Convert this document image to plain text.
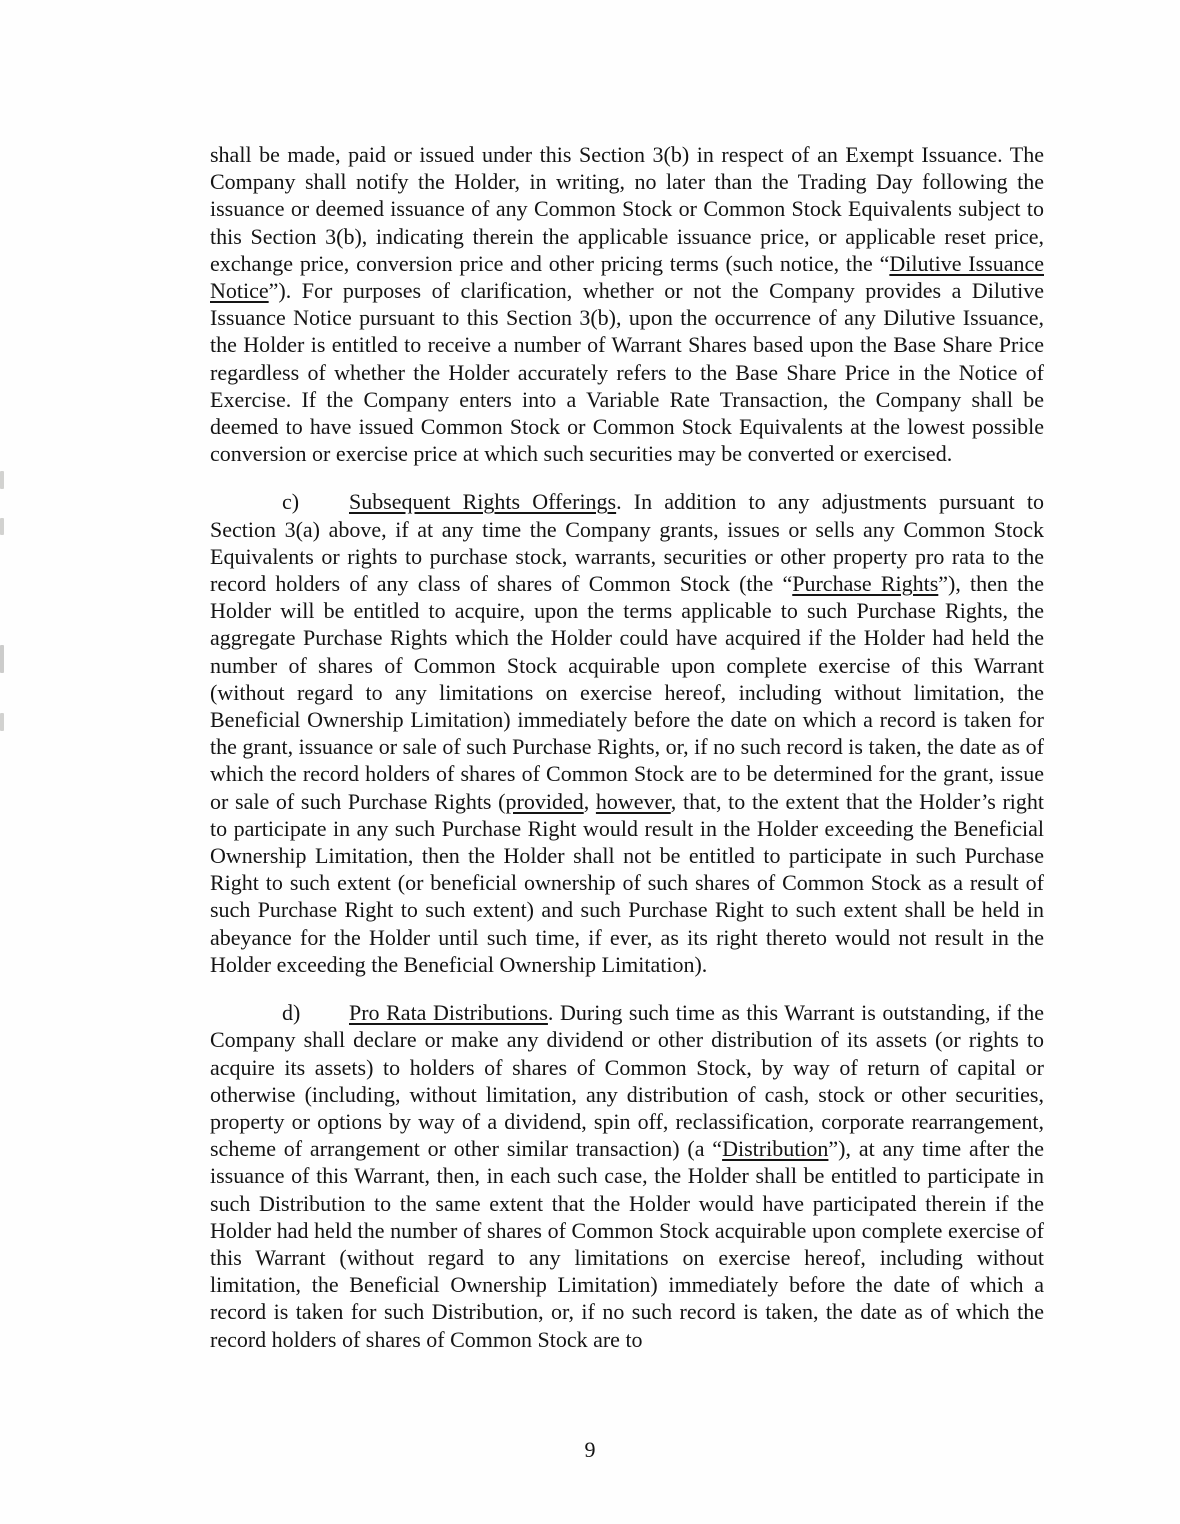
shall be made, paid or issued under this Section 3(b) in respect of an Exempt Issuance. The Company shall notify the Holder, in writing, no later than the Trading Day following the issuance or deemed issuance of any Common Stock or Common Stock Equivalents subject to this Section 3(b), indicating therein the applicable issuance price, or applicable reset price, exchange price, conversion price and other pricing terms (such notice, the “Dilutive Issuance Notice”). For purposes of clarification, whether or not the Company provides a Dilutive Issuance Notice pursuant to this Section 3(b), upon the occurrence of any Dilutive Issuance, the Holder is entitled to receive a number of Warrant Shares based upon the Base Share Price regardless of whether the Holder accurately refers to the Base Share Price in the Notice of Exercise. If the Company enters into a Variable Rate Transaction, the Company shall be deemed to have issued Common Stock or Common Stock Equivalents at the lowest possible conversion or exercise price at which such securities may be converted or exercised.

c) Subsequent Rights Offerings. In addition to any adjustments pursuant to Section 3(a) above, if at any time the Company grants, issues or sells any Common Stock Equivalents or rights to purchase stock, warrants, securities or other property pro rata to the record holders of any class of shares of Common Stock (the “Purchase Rights”), then the Holder will be entitled to acquire, upon the terms applicable to such Purchase Rights, the aggregate Purchase Rights which the Holder could have acquired if the Holder had held the number of shares of Common Stock acquirable upon complete exercise of this Warrant (without regard to any limitations on exercise hereof, including without limitation, the Beneficial Ownership Limitation) immediately before the date on which a record is taken for the grant, issuance or sale of such Purchase Rights, or, if no such record is taken, the date as of which the record holders of shares of Common Stock are to be determined for the grant, issue or sale of such Purchase Rights (provided, however, that, to the extent that the Holder’s right to participate in any such Purchase Right would result in the Holder exceeding the Beneficial Ownership Limitation, then the Holder shall not be entitled to participate in such Purchase Right to such extent (or beneficial ownership of such shares of Common Stock as a result of such Purchase Right to such extent) and such Purchase Right to such extent shall be held in abeyance for the Holder until such time, if ever, as its right thereto would not result in the Holder exceeding the Beneficial Ownership Limitation).

d) Pro Rata Distributions. During such time as this Warrant is outstanding, if the Company shall declare or make any dividend or other distribution of its assets (or rights to acquire its assets) to holders of shares of Common Stock, by way of return of capital or otherwise (including, without limitation, any distribution of cash, stock or other securities, property or options by way of a dividend, spin off, reclassification, corporate rearrangement, scheme of arrangement or other similar transaction) (a “Distribution”), at any time after the issuance of this Warrant, then, in each such case, the Holder shall be entitled to participate in such Distribution to the same extent that the Holder would have participated therein if the Holder had held the number of shares of Common Stock acquirable upon complete exercise of this Warrant (without regard to any limitations on exercise hereof, including without limitation, the Beneficial Ownership Limitation) immediately before the date of which a record is taken for such Distribution, or, if no such record is taken, the date as of which the record holders of shares of Common Stock are to

9
